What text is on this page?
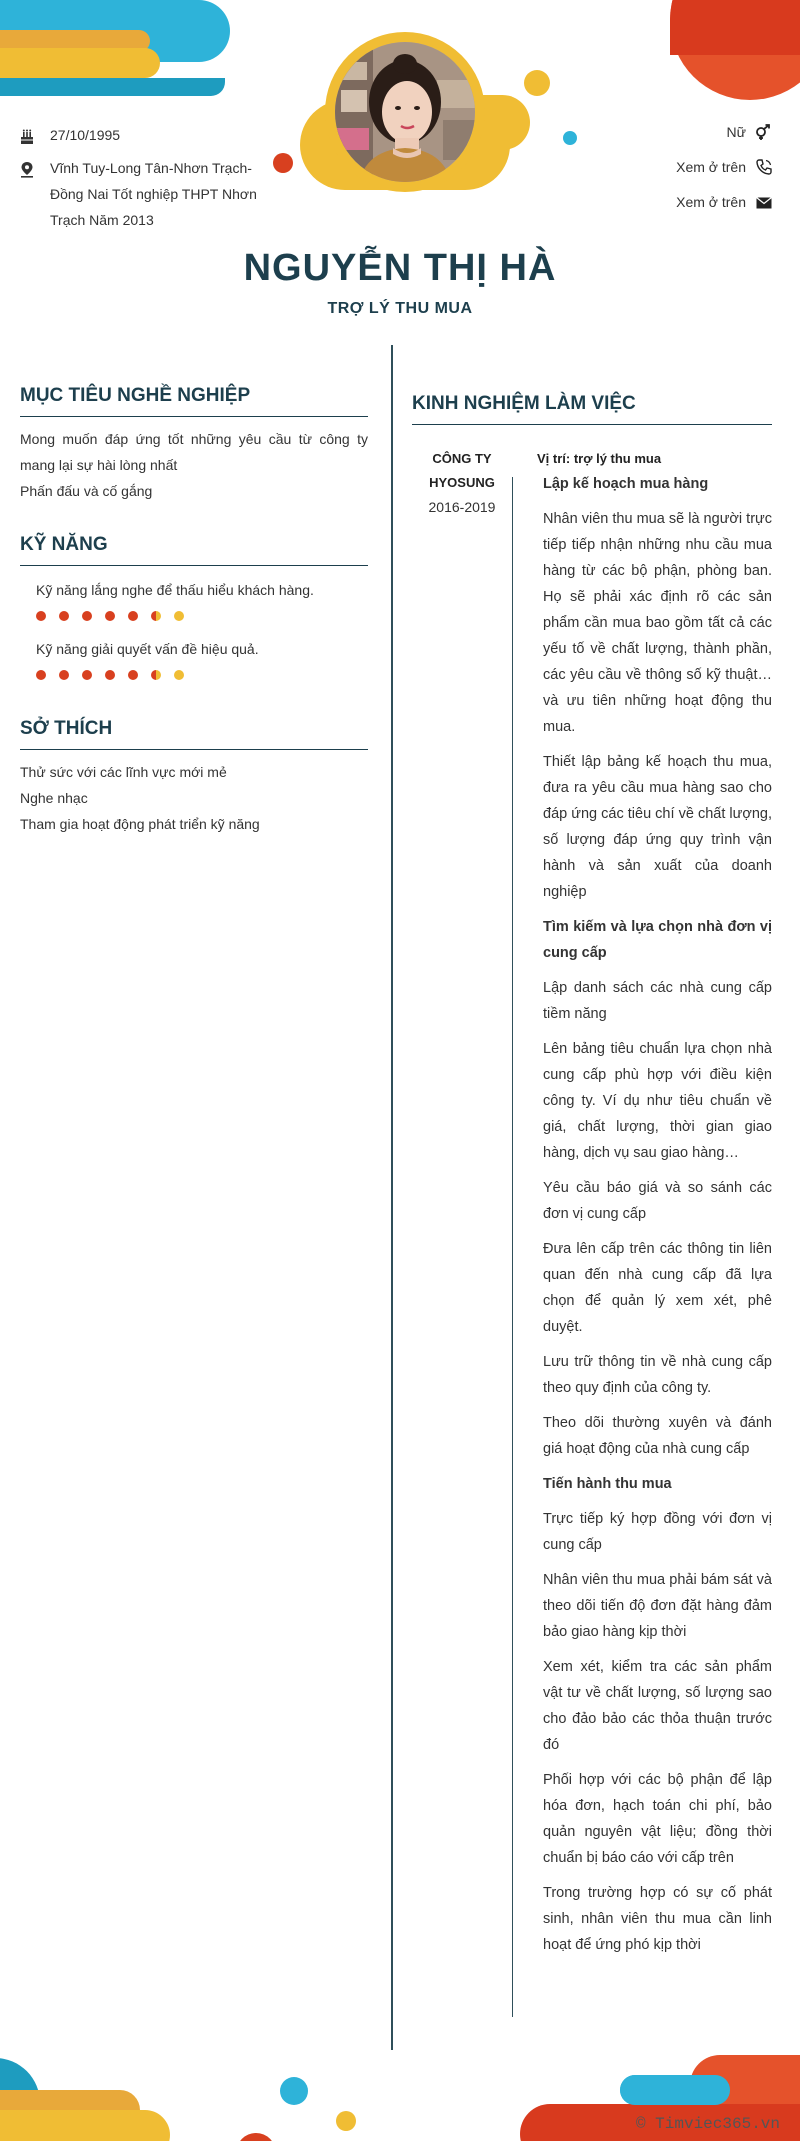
27/10/1995
Vĩnh Tuy-Long Tân-Nhơn Trạch-Đồng Nai Tốt nghiệp THPT Nhơn Trạch Năm 2013
Nữ
Xem ở trên
Xem ở trên
NGUYỄN THỊ HÀ
TRỢ LÝ THU MUA
MỤC TIÊU NGHỀ NGHIỆP
Mong muốn đáp ứng tốt những yêu cầu từ công ty mang lại sự hài lòng nhất
Phấn đấu và cố gắng
KỸ NĂNG
Kỹ năng lắng nghe để thấu hiểu khách hàng.
Kỹ năng giải quyết vấn đề hiệu quả.
SỞ THÍCH
Thử sức với các lĩnh vực mới mẻ
Nghe nhạc
Tham gia hoạt động phát triển kỹ năng
KINH NGHIỆM LÀM VIỆC
CÔNG TY
HYOSUNG
2016-2019
Vị trí: trợ lý thu mua
Lập kế hoạch mua hàng
Nhân viên thu mua sẽ là người trực tiếp tiếp nhận những nhu cầu mua hàng từ các bộ phận, phòng ban. Họ sẽ phải xác định rõ các sản phẩm cần mua bao gồm tất cả các yếu tố về chất lượng, thành phần, các yêu cầu về thông số kỹ thuật… và ưu tiên những hoạt động thu mua.
Thiết lập bảng kế hoạch thu mua, đưa ra yêu cầu mua hàng sao cho đáp ứng các tiêu chí về chất lượng, số lượng đáp ứng quy trình vận hành và sản xuất của doanh nghiệp
Tìm kiếm và lựa chọn nhà đơn vị cung cấp
Lập danh sách các nhà cung cấp tiềm năng
Lên bảng tiêu chuẩn lựa chọn nhà cung cấp phù hợp với điều kiện công ty. Ví dụ như tiêu chuẩn về giá, chất lượng, thời gian giao hàng, dịch vụ sau giao hàng…
Yêu cầu báo giá và so sánh các đơn vị cung cấp
Đưa lên cấp trên các thông tin liên quan đến nhà cung cấp đã lựa chọn để quản lý xem xét, phê duyệt.
Lưu trữ thông tin về nhà cung cấp theo quy định của công ty.
Theo dõi thường xuyên và đánh giá hoạt động của nhà cung cấp
Tiến hành thu mua
Trực tiếp ký hợp đồng với đơn vị cung cấp
Nhân viên thu mua phải bám sát và theo dõi tiến độ đơn đặt hàng đảm bảo giao hàng kịp thời
Xem xét, kiểm tra các sản phẩm vật tư về chất lượng, số lượng sao cho đảo bảo các thỏa thuận trước đó
Phối hợp với các bộ phận để lập hóa đơn, hạch toán chi phí, bảo quản nguyên vật liệu; đồng thời chuẩn bị báo cáo với cấp trên
Trong trường hợp có sự cố phát sinh, nhân viên thu mua cần linh hoạt để ứng phó kịp thời
© Timviec365.vn
